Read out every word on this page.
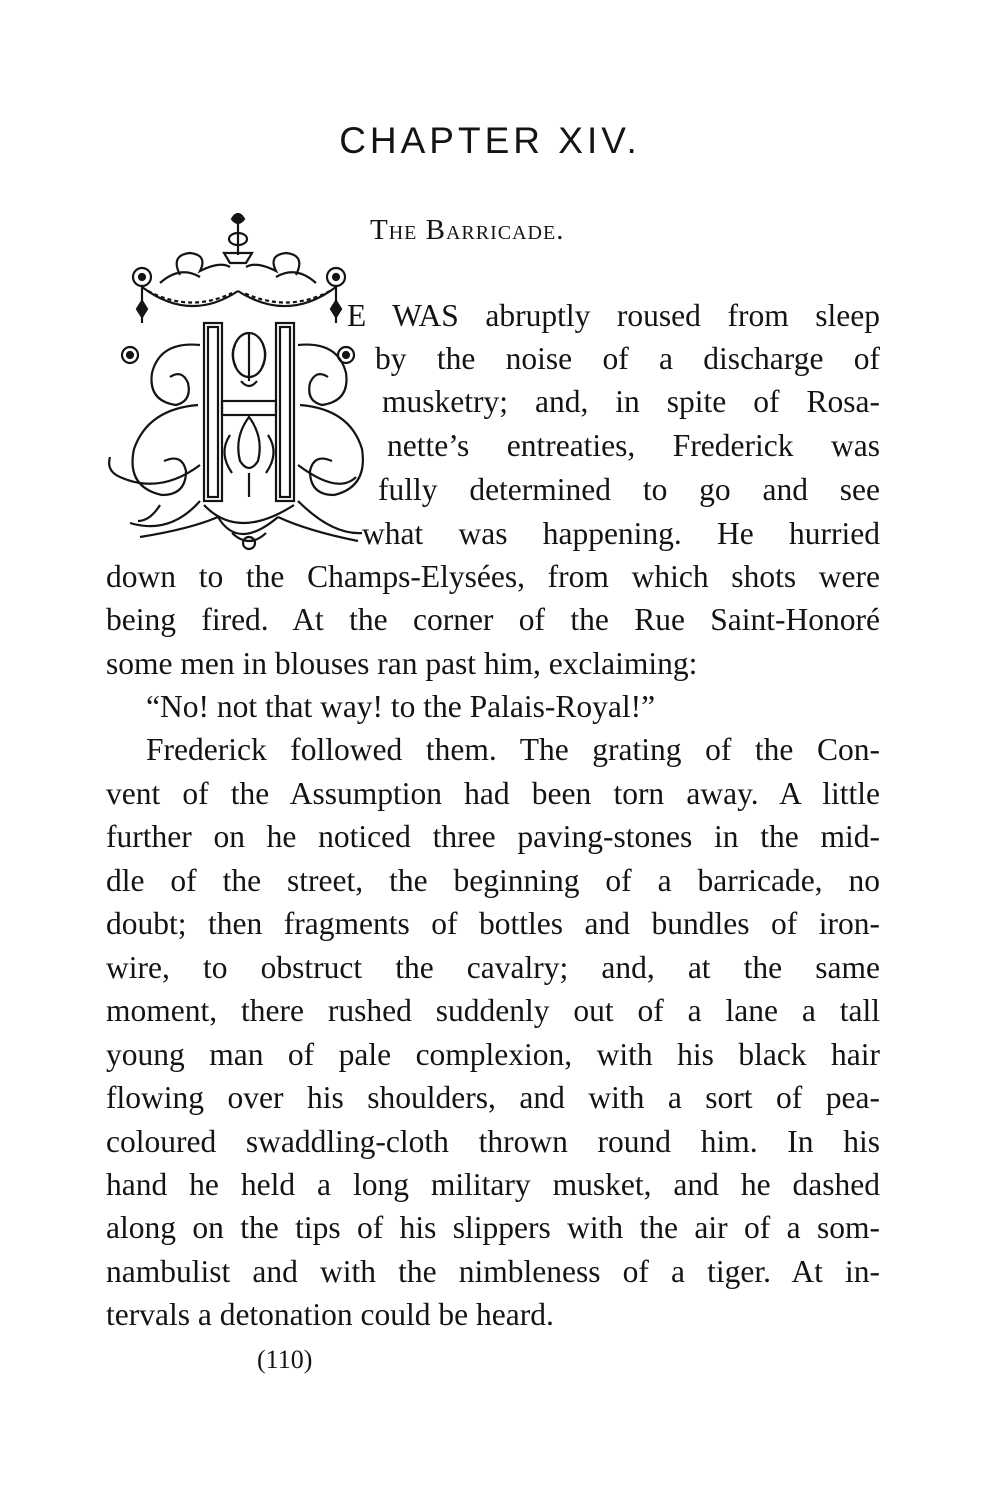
CHAPTER XIV.
The Barricade.
E WAS abruptly roused from sleep
by the noise of a discharge of
musketry; and, in spite of Rosa-
nette’s entreaties, Frederick was
fully determined to go and see
what was happening. He hurried
down to the Champs-Elysées, from which shots were
being fired. At the corner of the Rue Saint-Honoré
some men in blouses ran past him, exclaiming:
“No! not that way! to the Palais-Royal!”
Frederick followed them. The grating of the Con-
vent of the Assumption had been torn away. A little
further on he noticed three paving-stones in the mid-
dle of the street, the beginning of a barricade, no
doubt; then fragments of bottles and bundles of iron-
wire, to obstruct the cavalry; and, at the same
moment, there rushed suddenly out of a lane a tall
young man of pale complexion, with his black hair
flowing over his shoulders, and with a sort of pea-
coloured swaddling-cloth thrown round him. In his
hand he held a long military musket, and he dashed
along on the tips of his slippers with the air of a som-
nambulist and with the nimbleness of a tiger. At in-
tervals a detonation could be heard.
(110)
